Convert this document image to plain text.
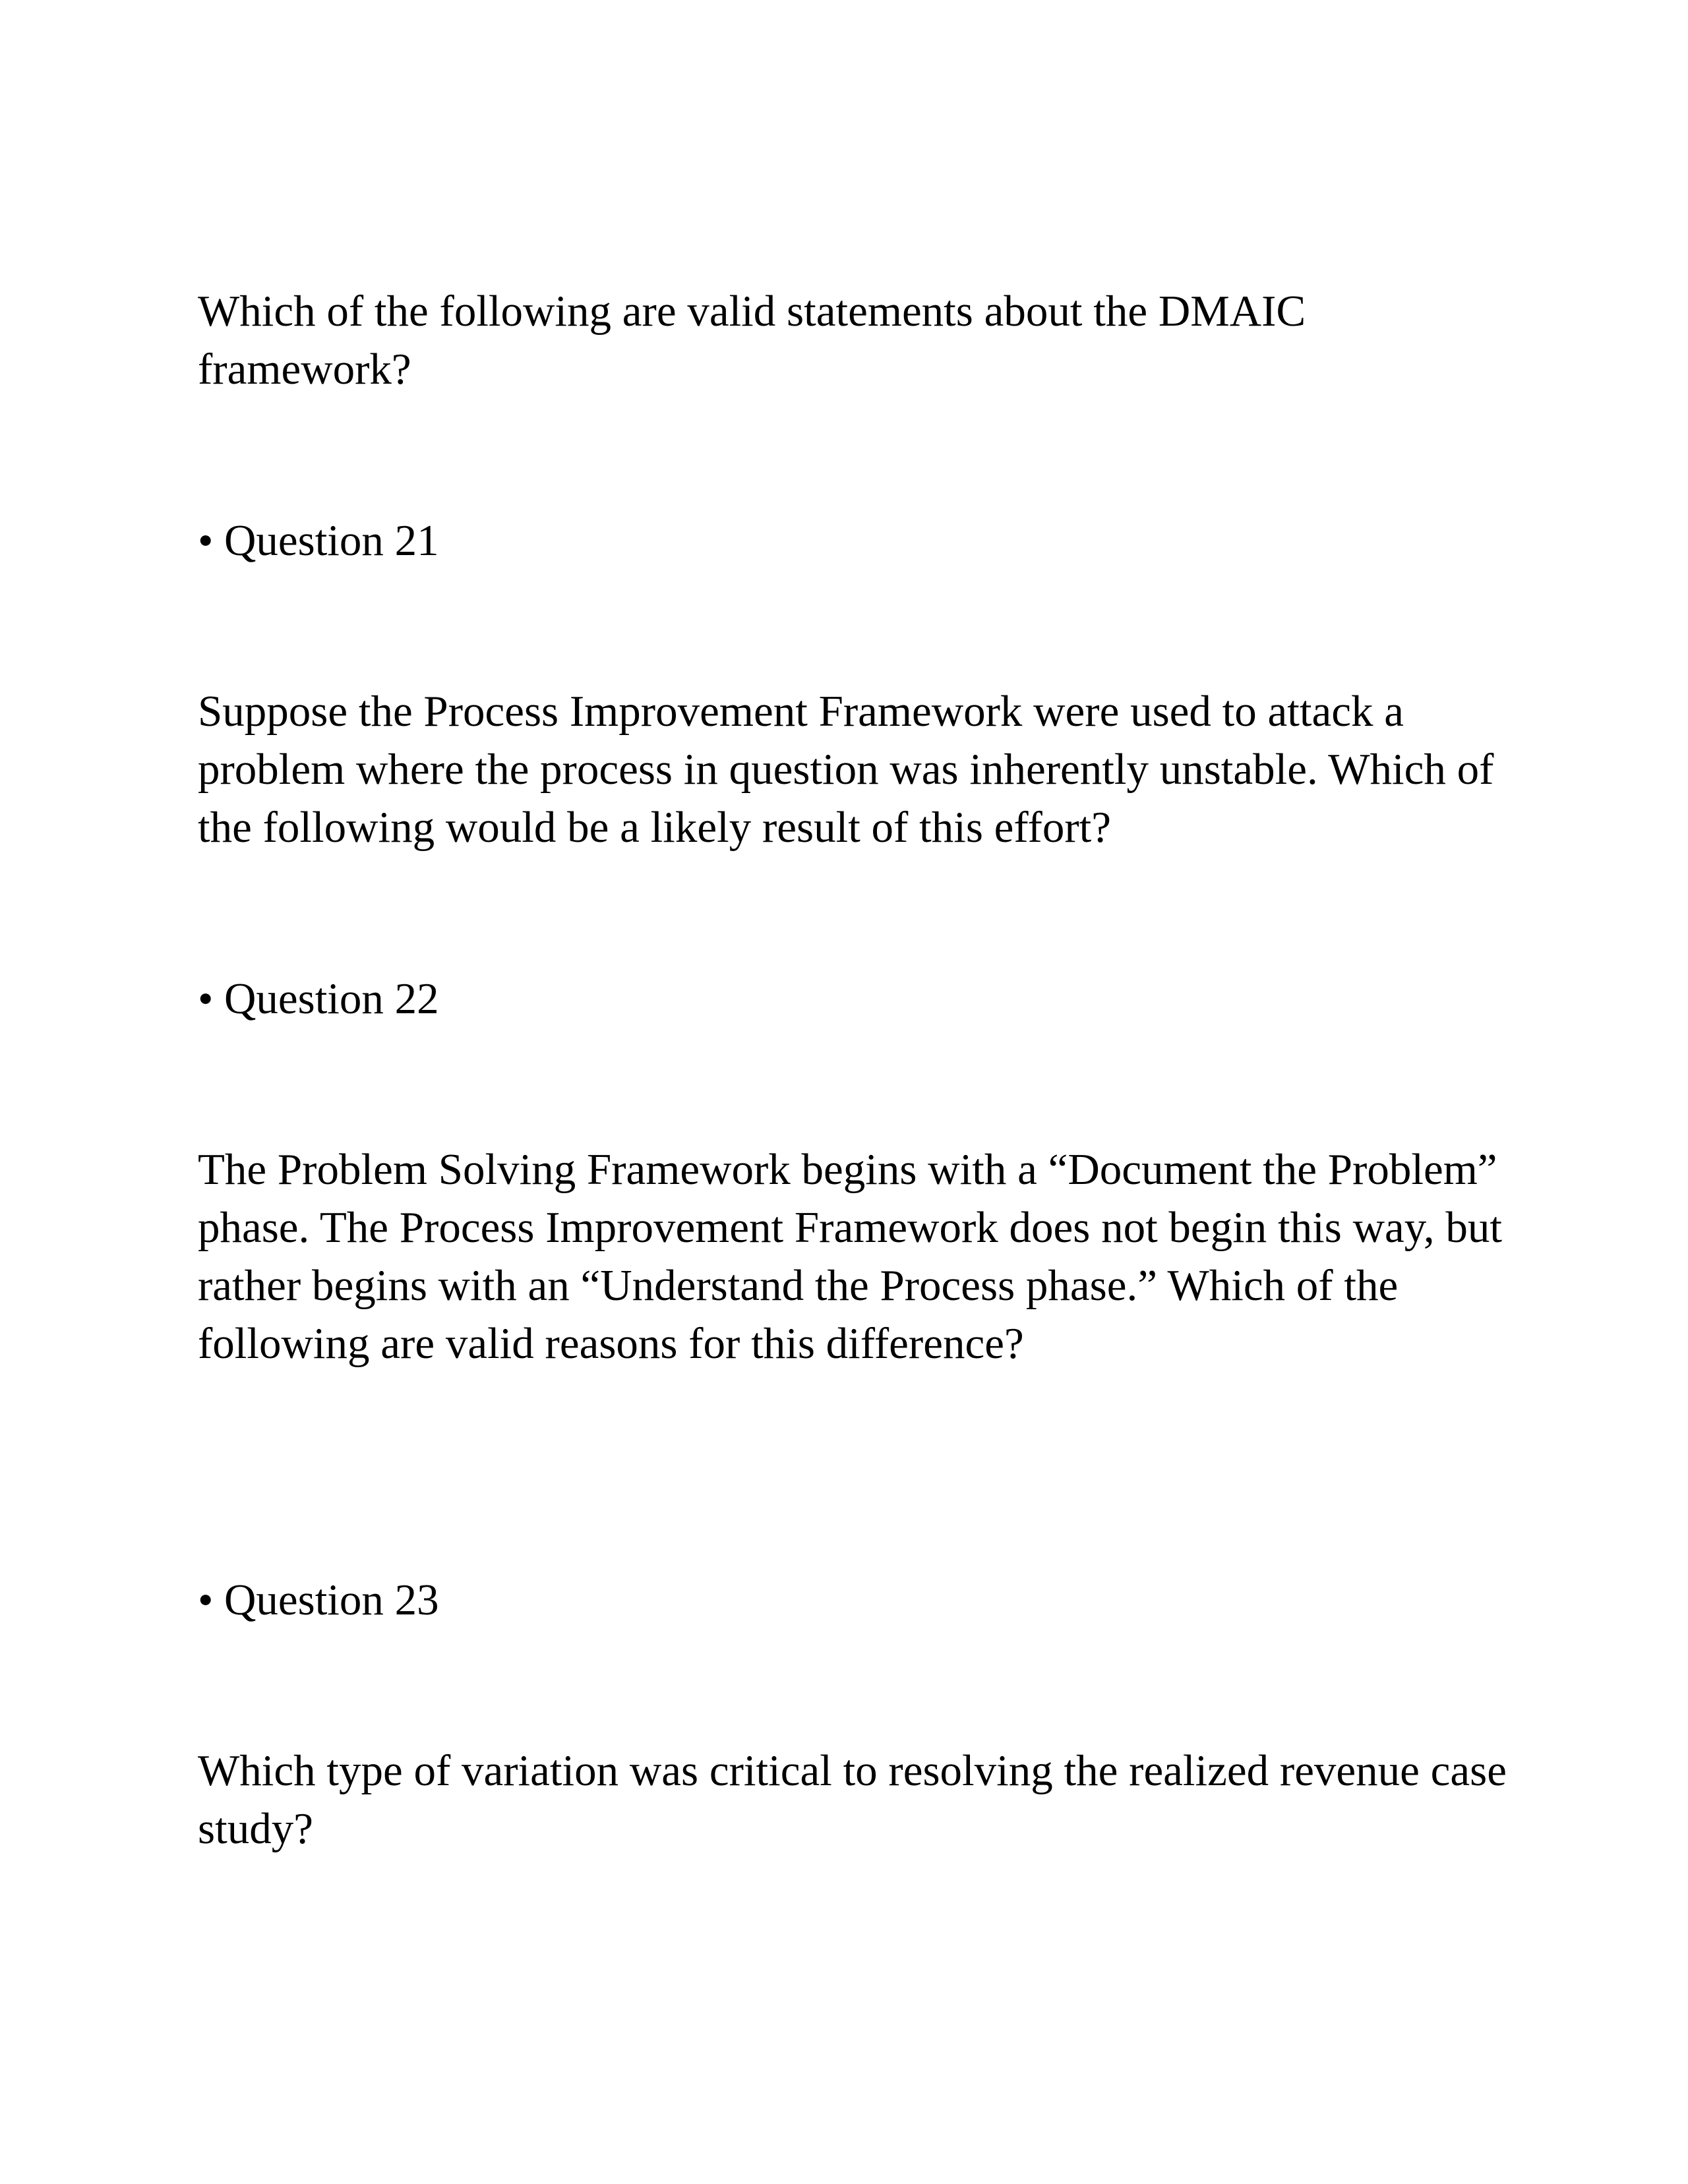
Which of the following are valid statements about the DMAIC framework?

• Question 21

Suppose the Process Improvement Framework were used to attack a problem where the process in question was inherently unstable. Which of the following would be a likely result of this effort?

• Question 22

The Problem Solving Framework begins with a “Document the Problem” phase. The Process Improvement Framework does not begin this way, but rather begins with an “Understand the Process phase.” Which of the following are valid reasons for this difference?

• Question 23

Which type of variation was critical to resolving the realized revenue case study?
